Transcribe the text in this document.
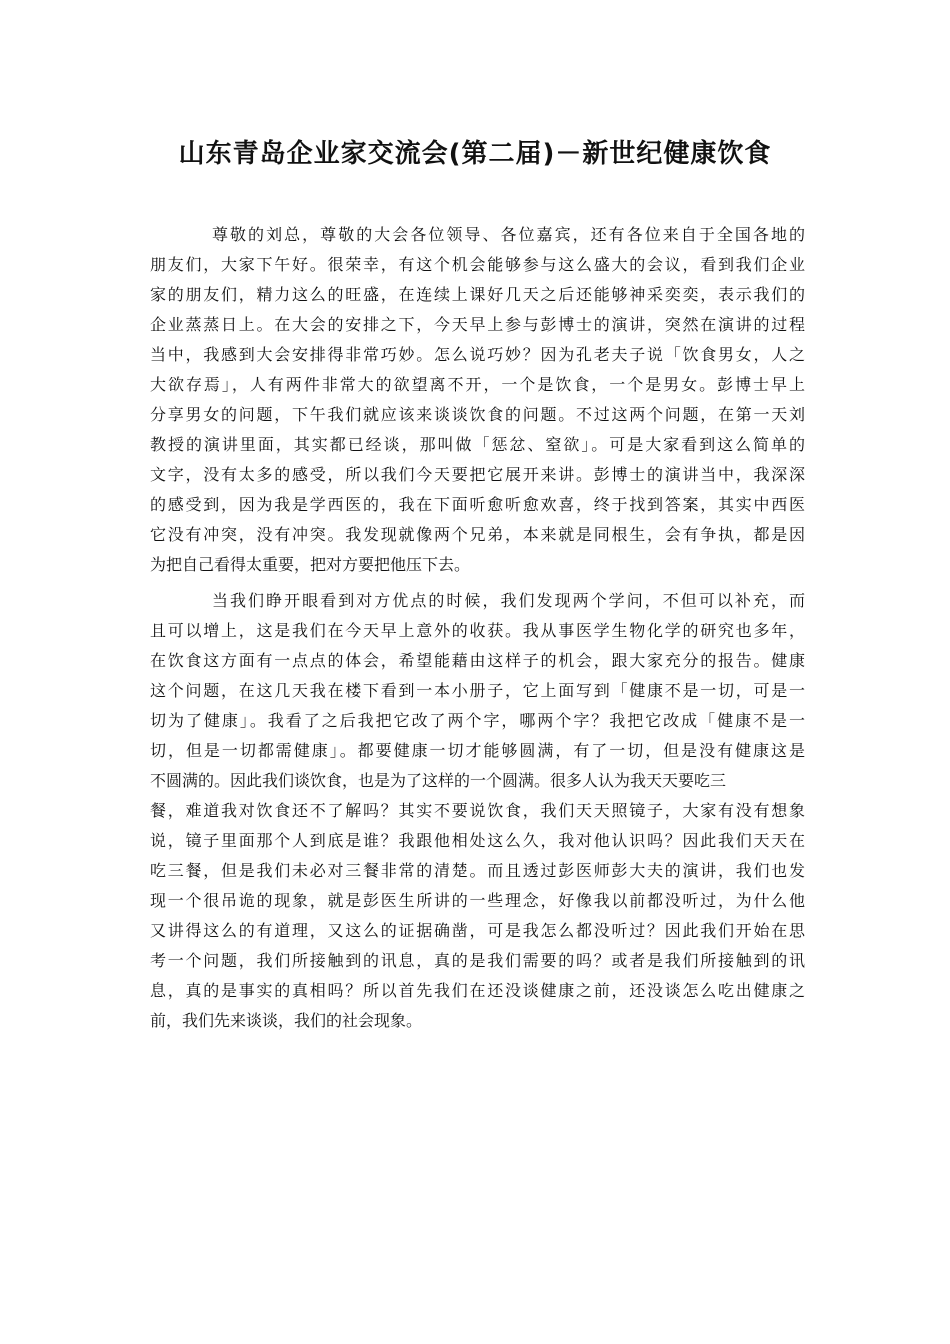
山东青岛企业家交流会(第二届)－新世纪健康饮食
尊敬的刘总，尊敬的大会各位领导、各位嘉宾，还有各位来自于全国各地的
朋友们，大家下午好。很荣幸，有这个机会能够参与这么盛大的会议，看到我们企业
家的朋友们，精力这么的旺盛，在连续上课好几天之后还能够神采奕奕，表示我们的
企业蒸蒸日上。在大会的安排之下，今天早上参与彭博士的演讲，突然在演讲的过程
当中，我感到大会安排得非常巧妙。怎么说巧妙？因为孔老夫子说「饮食男女，人之
大欲存焉」，人有两件非常大的欲望离不开，一个是饮食，一个是男女。彭博士早上
分享男女的问题，下午我们就应该来谈谈饮食的问题。不过这两个问题，在第一天刘
教授的演讲里面，其实都已经谈，那叫做「惩忿、窒欲」。可是大家看到这么简单的
文字，没有太多的感受，所以我们今天要把它展开来讲。彭博士的演讲当中，我深深
的感受到，因为我是学西医的，我在下面听愈听愈欢喜，终于找到答案，其实中西医
它没有冲突，没有冲突。我发现就像两个兄弟，本来就是同根生，会有争执，都是因
为把自己看得太重要，把对方要把他压下去。
当我们睁开眼看到对方优点的时候，我们发现两个学问，不但可以补充，而
且可以增上，这是我们在今天早上意外的收获。我从事医学生物化学的研究也多年，
在饮食这方面有一点点的体会，希望能藉由这样子的机会，跟大家充分的报告。健康
这个问题，在这几天我在楼下看到一本小册子，它上面写到「健康不是一切，可是一
切为了健康」。我看了之后我把它改了两个字，哪两个字？我把它改成「健康不是一
切，但是一切都需健康」。都要健康一切才能够圆满，有了一切，但是没有健康这是
不圆满的。因此我们谈饮食，也是为了这样的一个圆满。很多人认为我天天要吃三
餐，难道我对饮食还不了解吗？其实不要说饮食，我们天天照镜子，大家有没有想象
说，镜子里面那个人到底是谁？我跟他相处这么久，我对他认识吗？因此我们天天在
吃三餐，但是我们未必对三餐非常的清楚。而且透过彭医师彭大夫的演讲，我们也发
现一个很吊诡的现象，就是彭医生所讲的一些理念，好像我以前都没听过，为什么他
又讲得这么的有道理，又这么的证据确凿，可是我怎么都没听过？因此我们开始在思
考一个问题，我们所接触到的讯息，真的是我们需要的吗？或者是我们所接触到的讯
息，真的是事实的真相吗？所以首先我们在还没谈健康之前，还没谈怎么吃出健康之
前，我们先来谈谈，我们的社会现象。
